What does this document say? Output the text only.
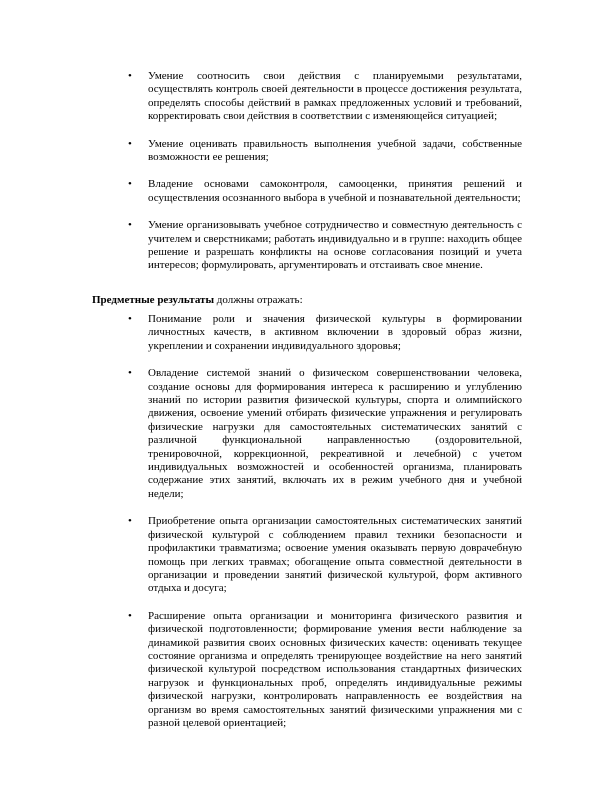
• Умение соотносить свои действия с планируемыми результатами, осуществлять контроль своей деятельности в процессе достижения результата, определять способы действий в рамках предложенных условий и требований, корректировать свои действия в соответствии с изменяющейся ситуацией;
• Умение оценивать правильность выполнения учебной задачи, собственные возможности ее решения;
• Владение основами самоконтроля, самооценки, принятия решений и осуществления осознанного выбора в учебной и познавательной деятельности;
• Умение организовывать учебное сотрудничество и совместную деятельность с учителем и сверстниками; работать индивидуально и в группе: находить общее решение и разрешать конфликты на основе согласования позиций и учета интересов; формулировать, аргументировать и отстаивать свое мнение.

Предметные результаты должны отражать:

• Понимание роли и значения физической культуры в формировании личностных качеств, в активном включении в здоровый образ жизни, укреплении и сохранении индивидуального здоровья;
• Овладение системой знаний о физическом совершенствовании человека, создание основы для формирования интереса к расширению и углублению знаний по истории развития физической культуры, спорта и олимпийского движения, освоение умений отбирать физические упражнения и регулировать физические нагрузки для самостоятельных систематических занятий с различной функциональной направленностью (оздоровительной, тренировочной, коррекционной, рекреативной и лечебной) с учетом индивидуальных возможностей и особенностей организма, планировать содержание этих занятий, включать их в режим учебного дня и учебной недели;
• Приобретение опыта организации самостоятельных систематических занятий физической культурой с соблюдением правил техники безопасности и профилактики травматизма; освоение умения оказывать первую доврачебную помощь при легких травмах; обогащение опыта совместной деятельности в организации и проведении занятий физической культурой, форм активного отдыха и досуга;
• Расширение опыта организации и мониторинга физического развития и физической подготовленности; формирование умения вести наблюдение за динамикой развития своих основных физических качеств: оценивать текущее состояние организма и определять тренирующее воздействие на него занятий физической культурой посредством использования стандартных физических нагрузок и функциональных проб, определять индивидуальные режимы физической нагрузки, контролировать направленность ее воздействия на организм во время самостоятельных занятий физическими упражнения ми с разной целевой ориентацией;
